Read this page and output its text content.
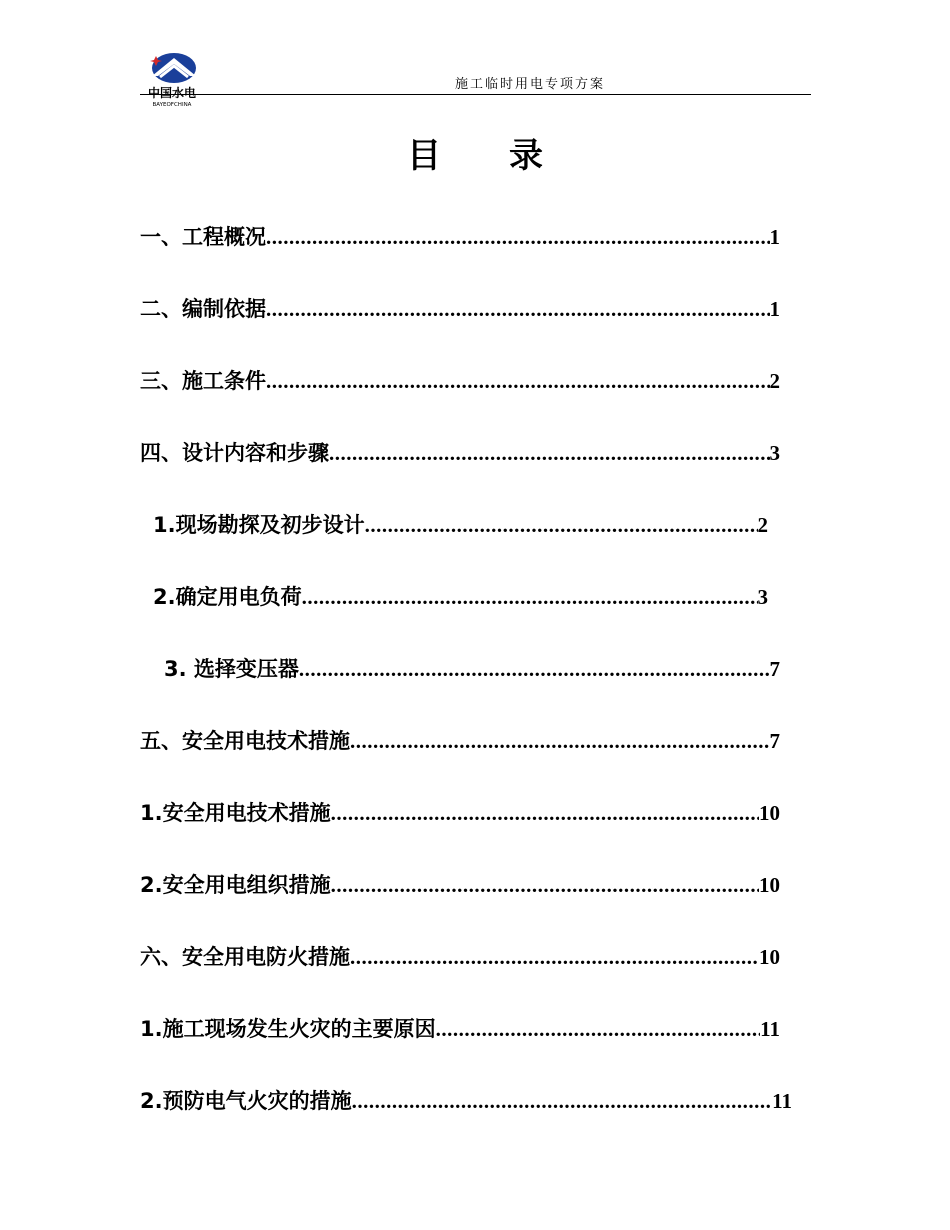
中国水电
BAYEOFCHINA
施工临时用电专项方案
目录
一、工程概况 .....	1
二、编制依据 .....	1
三、施工条件 .....	2
四、设计内容和步骤 .....	3
1.现场勘探及初步设计 .....	2
2.确定用电负荷 .....	3
3. 选择变压器 .....	7
五、安全用电技术措施 .....	7
1.安全用电技术措施 .....	10
2.安全用电组织措施 .....	10
六、安全用电防火措施 .....	10
1.施工现场发生火灾的主要原因 .....	11
2.预防电气火灾的措施 .....	11
